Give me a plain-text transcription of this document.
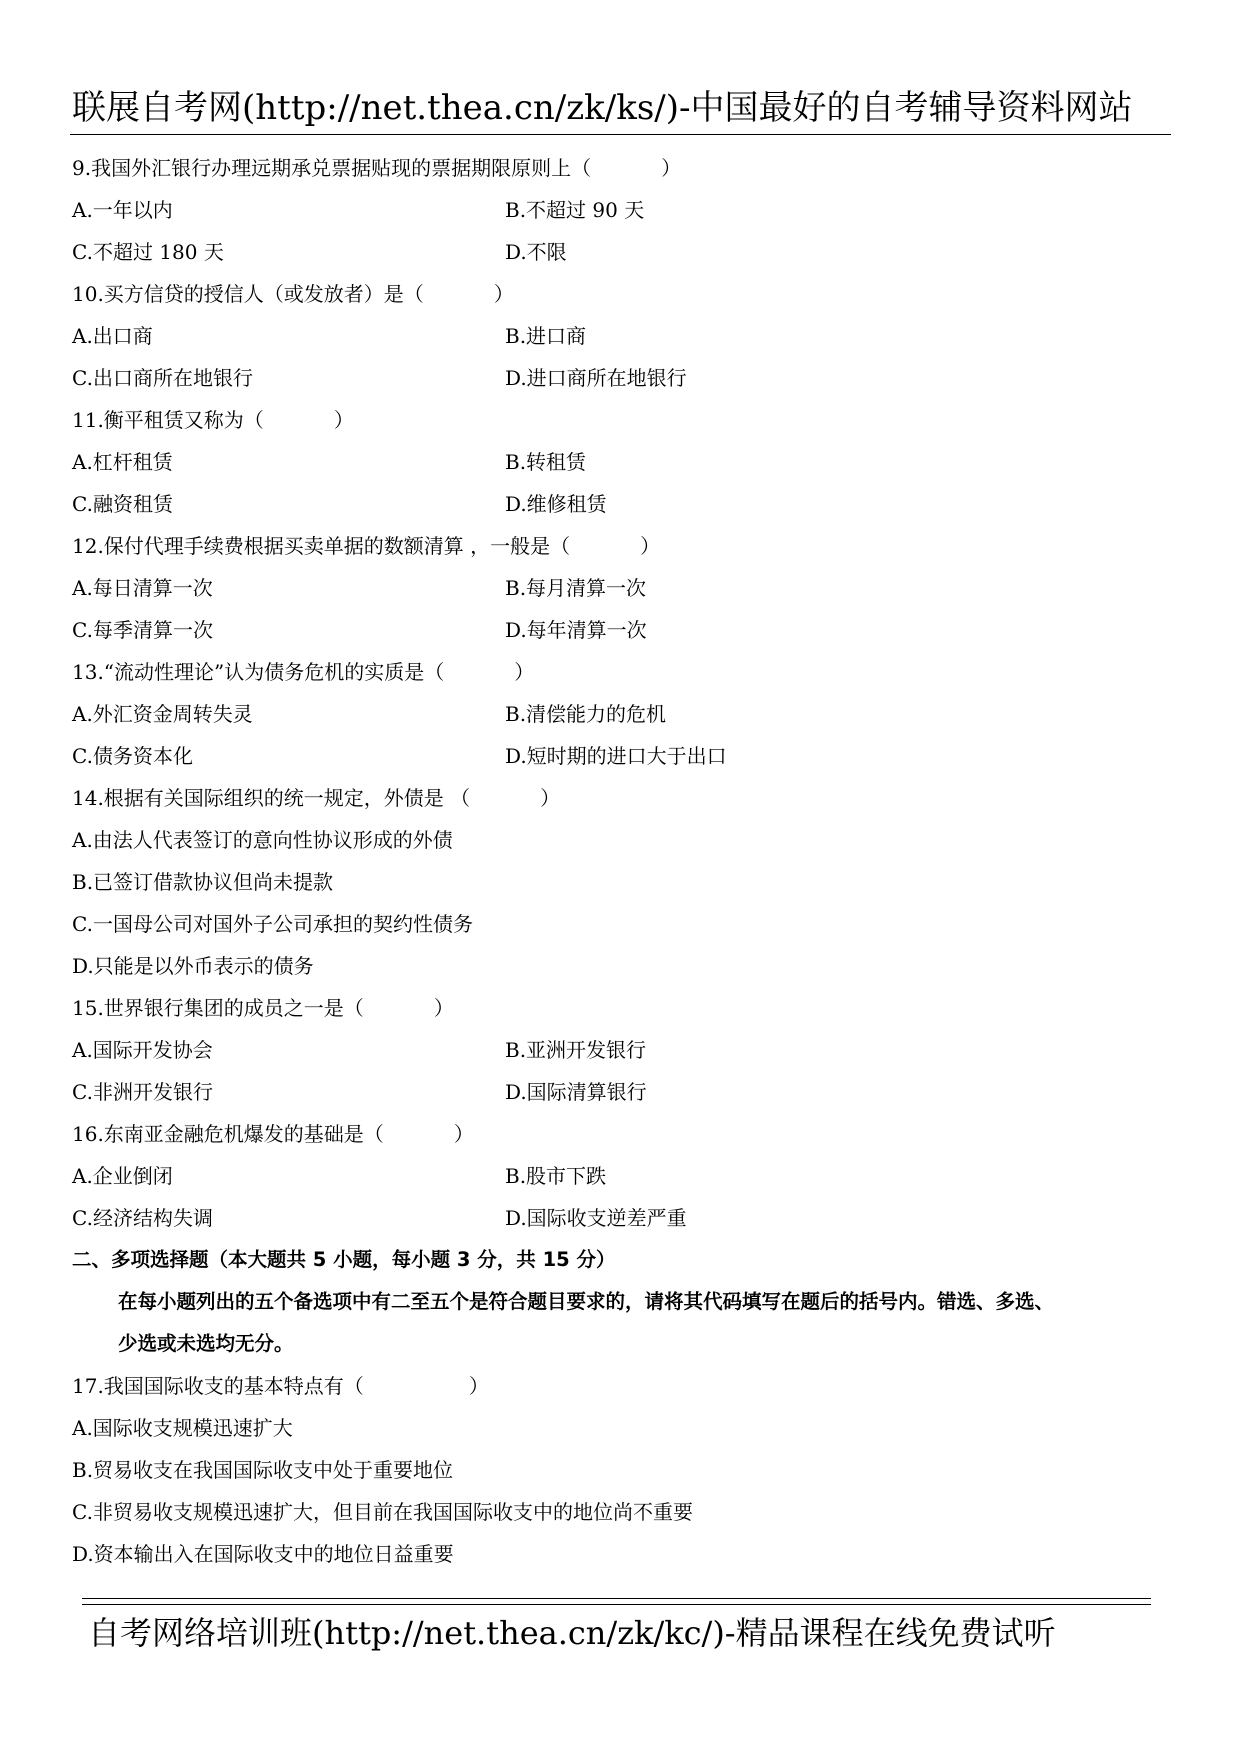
联展自考网(http://net.thea.cn/zk/ks/)-中国最好的自考辅导资料网站
9.我国外汇银行办理远期承兑票据贴现的票据期限原则上（	）
A.一年以内	B.不超过 90 天
C.不超过 180 天	D.不限
10.买方信贷的授信人（或发放者）是（	）
A.出口商	B.进口商
C.出口商所在地银行	D.进口商所在地银行
11.衡平租赁又称为（	）
A.杠杆租赁	B.转租赁
C.融资租赁	D.维修租赁
12.保付代理手续费根据买卖单据的数额清算 ，一般是（	）
A.每日清算一次	B.每月清算一次
C.每季清算一次	D.每年清算一次
13.“流动性理论”认为债务危机的实质是（	）
A.外汇资金周转失灵	B.清偿能力的危机
C.债务资本化	D.短时期的进口大于出口
14.根据有关国际组织的统一规定，外债是 （	）
A.由法人代表签订的意向性协议形成的外债
B.已签订借款协议但尚未提款
C.一国母公司对国外子公司承担的契约性债务
D.只能是以外币表示的债务
15.世界银行集团的成员之一是（	）
A.国际开发协会	B.亚洲开发银行
C.非洲开发银行	D.国际清算银行
16.东南亚金融危机爆发的基础是（	）
A.企业倒闭	B.股市下跌
C.经济结构失调	D.国际收支逆差严重
二、多项选择题（本大题共 5 小题，每小题 3 分，共 15 分）
在每小题列出的五个备选项中有二至五个是符合题目要求的，请将其代码填写在题后的括号内。错选、多选、
少选或未选均无分。
17.我国国际收支的基本特点有（	）
A.国际收支规模迅速扩大
B.贸易收支在我国国际收支中处于重要地位
C.非贸易收支规模迅速扩大，但目前在我国国际收支中的地位尚不重要
D.资本输出入在国际收支中的地位日益重要
自考网络培训班(http://net.thea.cn/zk/kc/)-精品课程在线免费试听
